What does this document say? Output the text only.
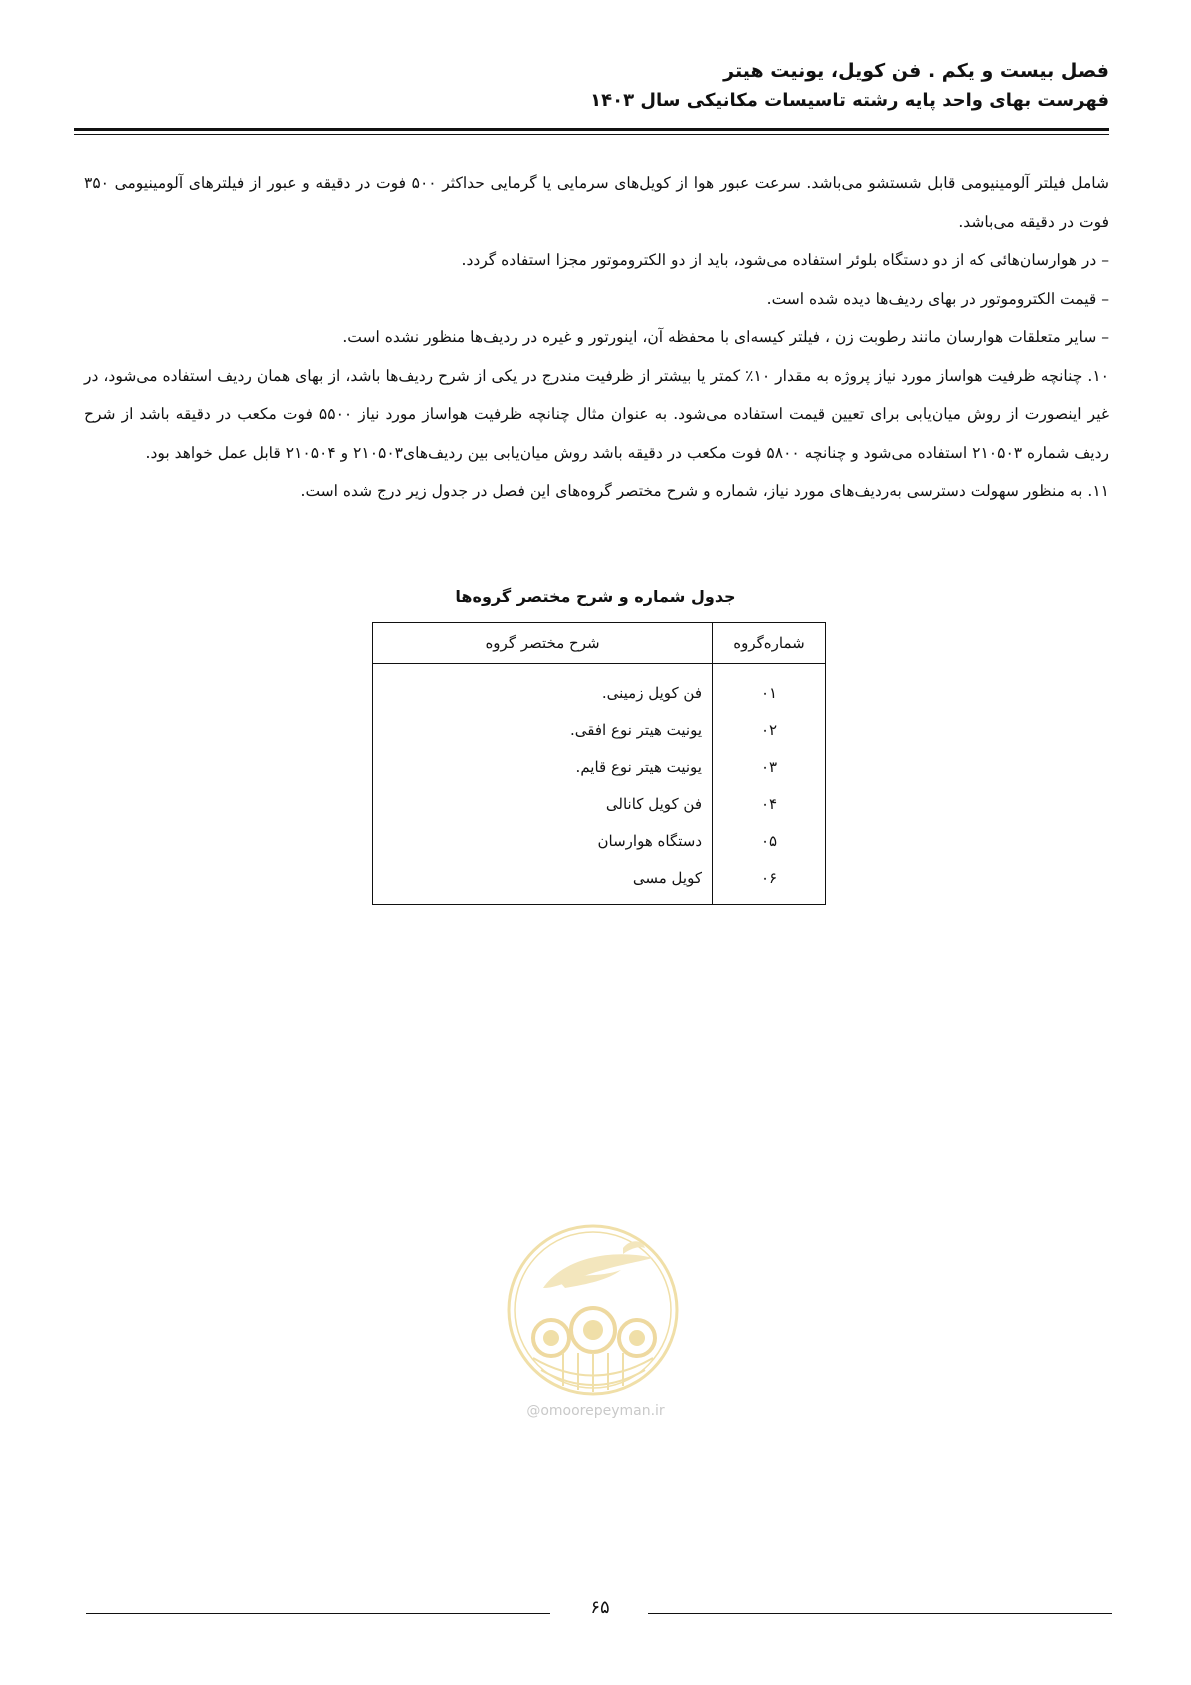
فصل بیست و یکم . فن کویل، یونیت هیتر
فهرست بهای واحد پایه رشته تاسیسات مکانیکی سال ۱۴۰۳

شامل فیلتر آلومینیومی قابل شستشو می‌باشد. سرعت عبور هوا از کویل‌های سرمایی یا گرمایی حداکثر ۵۰۰ فوت در دقیقه و عبور از فیلترهای آلومینیومی ۳۵۰ فوت در دقیقه می‌باشد.

– در هوارسان‌هائی که از دو دستگاه بلوئر استفاده می‌شود، باید از دو الکتروموتور مجزا استفاده گردد.

– قیمت الکتروموتور در بهای ردیف‌ها دیده شده است.

– سایر متعلقات هوارسان مانند رطوبت زن ، فیلتر کیسه‌ای با محفظه آن، اینورتور و غیره در ردیف‌ها منظور نشده است.

۱۰. چنانچه ظرفیت هواساز مورد نیاز پروژه به مقدار ۱۰٪ کمتر یا بیشتر از ظرفیت مندرج در یکی از شرح ردیف‌ها باشد، از بهای همان ردیف استفاده می‌شود، در غیر اینصورت از روش میان‌یابی برای تعیین قیمت استفاده می‌شود. به عنوان مثال چنانچه ظرفیت هواساز مورد نیاز ۵۵۰۰ فوت مکعب در دقیقه باشد از شرح ردیف شماره ۲۱۰۵۰۳ استفاده می‌شود و چنانچه ۵۸۰۰ فوت مکعب در دقیقه باشد روش میان‌یابی بین ردیف‌های۲۱۰۵۰۳ و ۲۱۰۵۰۴ قابل عمل خواهد بود.

۱۱. به منظور سهولت دسترسی به‌ردیف‌های مورد نیاز، شماره و شرح مختصر گروه‌های این فصل در جدول زیر درج شده است.

جدول شماره و شرح مختصر گروه‌ها
شماره‌گروه	شرح مختصر گروه
۰۱	فن کویل زمینی.
۰۲	یونیت هیتر نوع افقی.
۰۳	یونیت هیتر نوع قایم.
۰۴	فن کویل کانالی
۰۵	دستگاه هوارسان
۰۶	کویل مسی
@omoorepeyman.ir
۶۵
